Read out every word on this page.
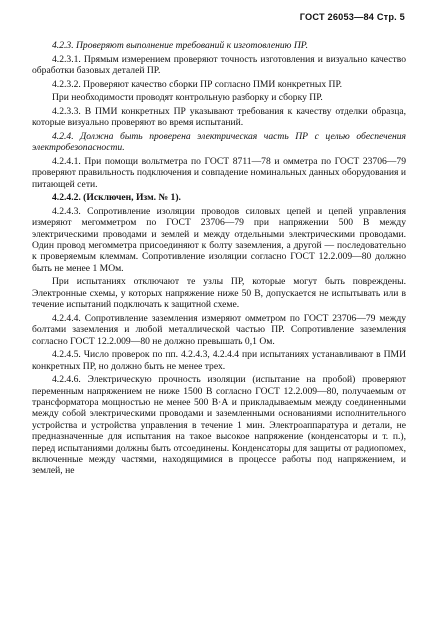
ГОСТ 26053—84 Стр. 5

4.2.3. Проверяют выполнение требований к изготовлению ПР.

4.2.3.1. Прямым измерением проверяют точность изготовления и визуально качество обработки базовых деталей ПР.

4.2.3.2. Проверяют качество сборки ПР согласно ПМИ конкретных ПР.

При необходимости проводят контрольную разборку и сборку ПР.

4.2.3.3. В ПМИ конкретных ПР указывают требования к качеству отделки образца, которые визуально проверяют во время испытаний.

4.2.4. Должна быть проверена электрическая часть ПР с целью обеспечения электробезопасности.

4.2.4.1. При помощи вольтметра по ГОСТ 8711—78 и омметра по ГОСТ 23706—79 проверяют правильность подключения и совпадение номинальных данных оборудования и питающей сети.

4.2.4.2. (Исключен, Изм. № 1).

4.2.4.3. Сопротивление изоляции проводов силовых цепей и цепей управления измеряют мегомметром по ГОСТ 23706—79 при напряжении 500 В между электрическими проводами и землей и между отдельными электрическими проводами. Один провод мегомметра присоединяют к болту заземления, а другой — последовательно к проверяемым клеммам. Сопротивление изоляции согласно ГОСТ 12.2.009—80 должно быть не менее 1 МОм.

При испытаниях отключают те узлы ПР, которые могут быть повреждены. Электронные схемы, у которых напряжение ниже 50 В, допускается не испытывать или в течение испытаний подключать к защитной схеме.

4.2.4.4. Сопротивление заземления измеряют омметром по ГОСТ 23706—79 между болтами заземления и любой металлической частью ПР. Сопротивление заземления согласно ГОСТ 12.2.009—80 не должно превышать 0,1 Ом.

4.2.4.5. Число проверок по пп. 4.2.4.3, 4.2.4.4 при испытаниях устанавливают в ПМИ конкретных ПР, но должно быть не менее трех.

4.2.4.6. Электрическую прочность изоляции (испытание на пробой) проверяют переменным напряжением не ниже 1500 В согласно ГОСТ 12.2.009—80, получаемым от трансформатора мощностью не менее 500 В·А и прикладываемым между соединенными между собой электрическими проводами и заземленными основаниями исполнительного устройства и устройства управления в течение 1 мин. Электроаппаратура и детали, не предназначенные для испытания на такое высокое напряжение (конденсаторы и т. п.), перед испытаниями должны быть отсоединены. Конденсаторы для защиты от радиопомех, включенные между частями, находящимися в процессе работы под напряжением, и землей, не
